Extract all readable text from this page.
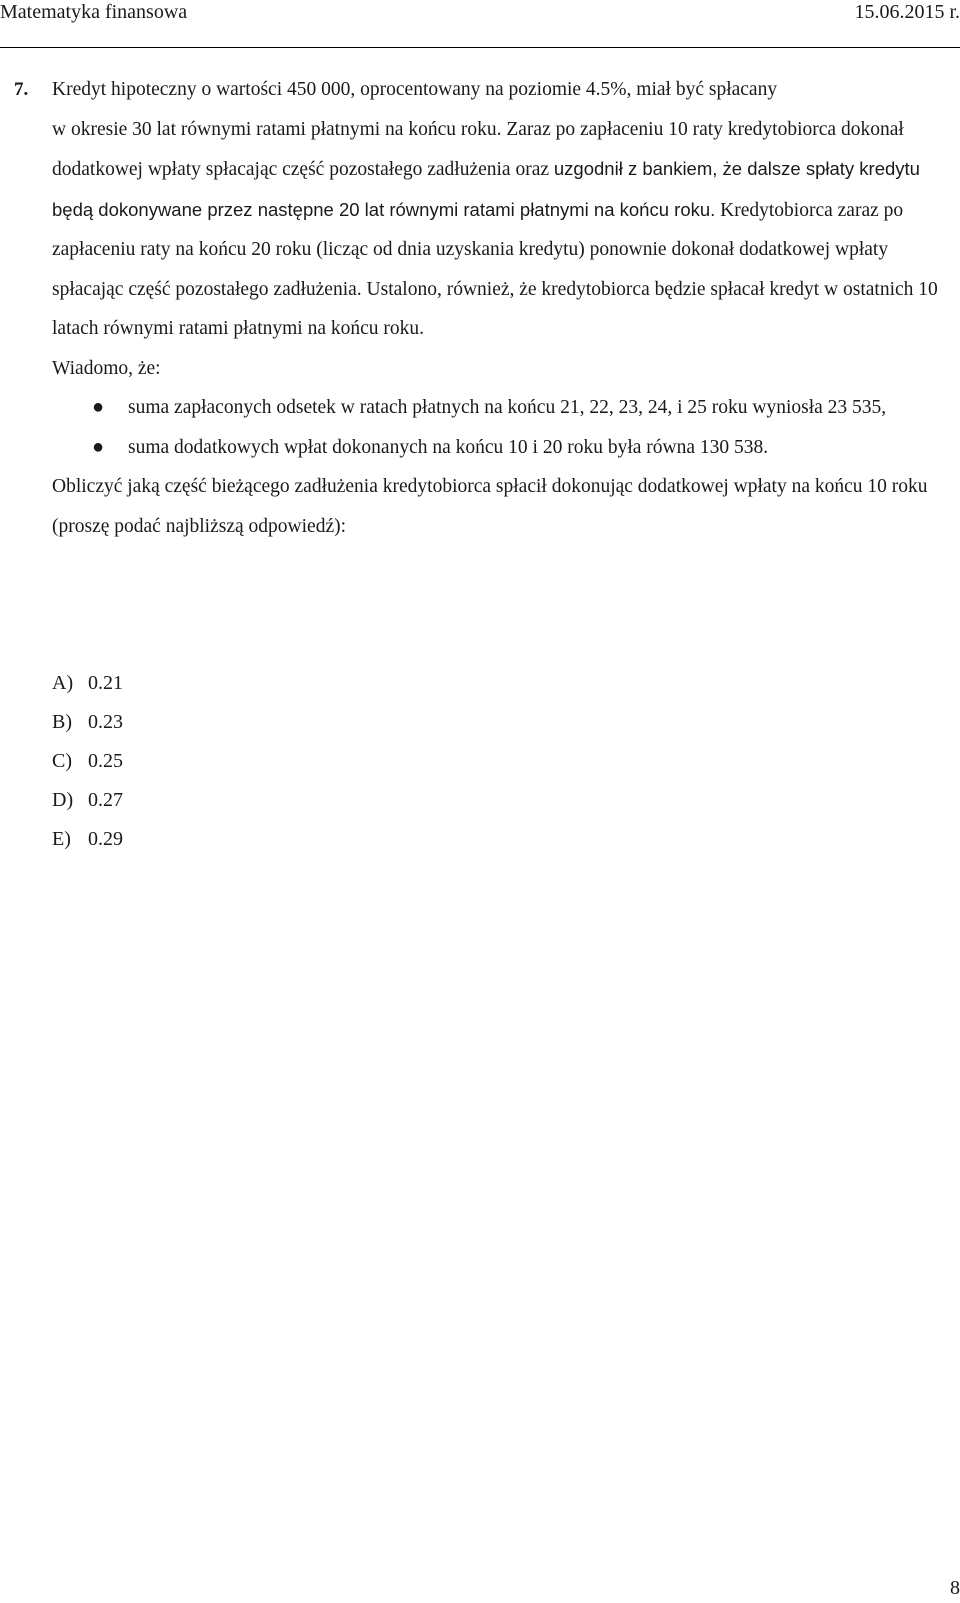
Matematyka finansowa	15.06.2015 r.
7. Kredyt hipoteczny o wartości 450 000, oprocentowany na poziomie 4.5%, miał być spłacany
w okresie 30 lat równymi ratami płatnymi na końcu roku. Zaraz po zapłaceniu 10 raty kredytobiorca dokonał dodatkowej wpłaty spłacając część pozostałego zadłużenia oraz uzgodnił z bankiem, że dalsze spłaty kredytu będą dokonywane przez następne 20 lat równymi ratami płatnymi na końcu roku. Kredytobiorca zaraz po zapłaceniu raty na końcu 20 roku (licząc od dnia uzyskania kredytu) ponownie dokonał dodatkowej wpłaty spłacając część pozostałego zadłużenia. Ustalono, również, że kredytobiorca będzie spłacał kredyt w ostatnich 10 latach równymi ratami płatnymi na końcu roku.
Wiadomo, że:
● suma zapłaconych odsetek w ratach płatnych na końcu 21, 22, 23, 24, i 25 roku wyniosła 23 535,
● suma dodatkowych wpłat dokonanych na końcu 10 i 20 roku była równa 130 538.
Obliczyć jaką część bieżącego zadłużenia kredytobiorca spłacił dokonując dodatkowej wpłaty na końcu 10 roku (proszę podać najbliższą odpowiedź):
A) 0.21
B) 0.23
C) 0.25
D) 0.27
E) 0.29
8
